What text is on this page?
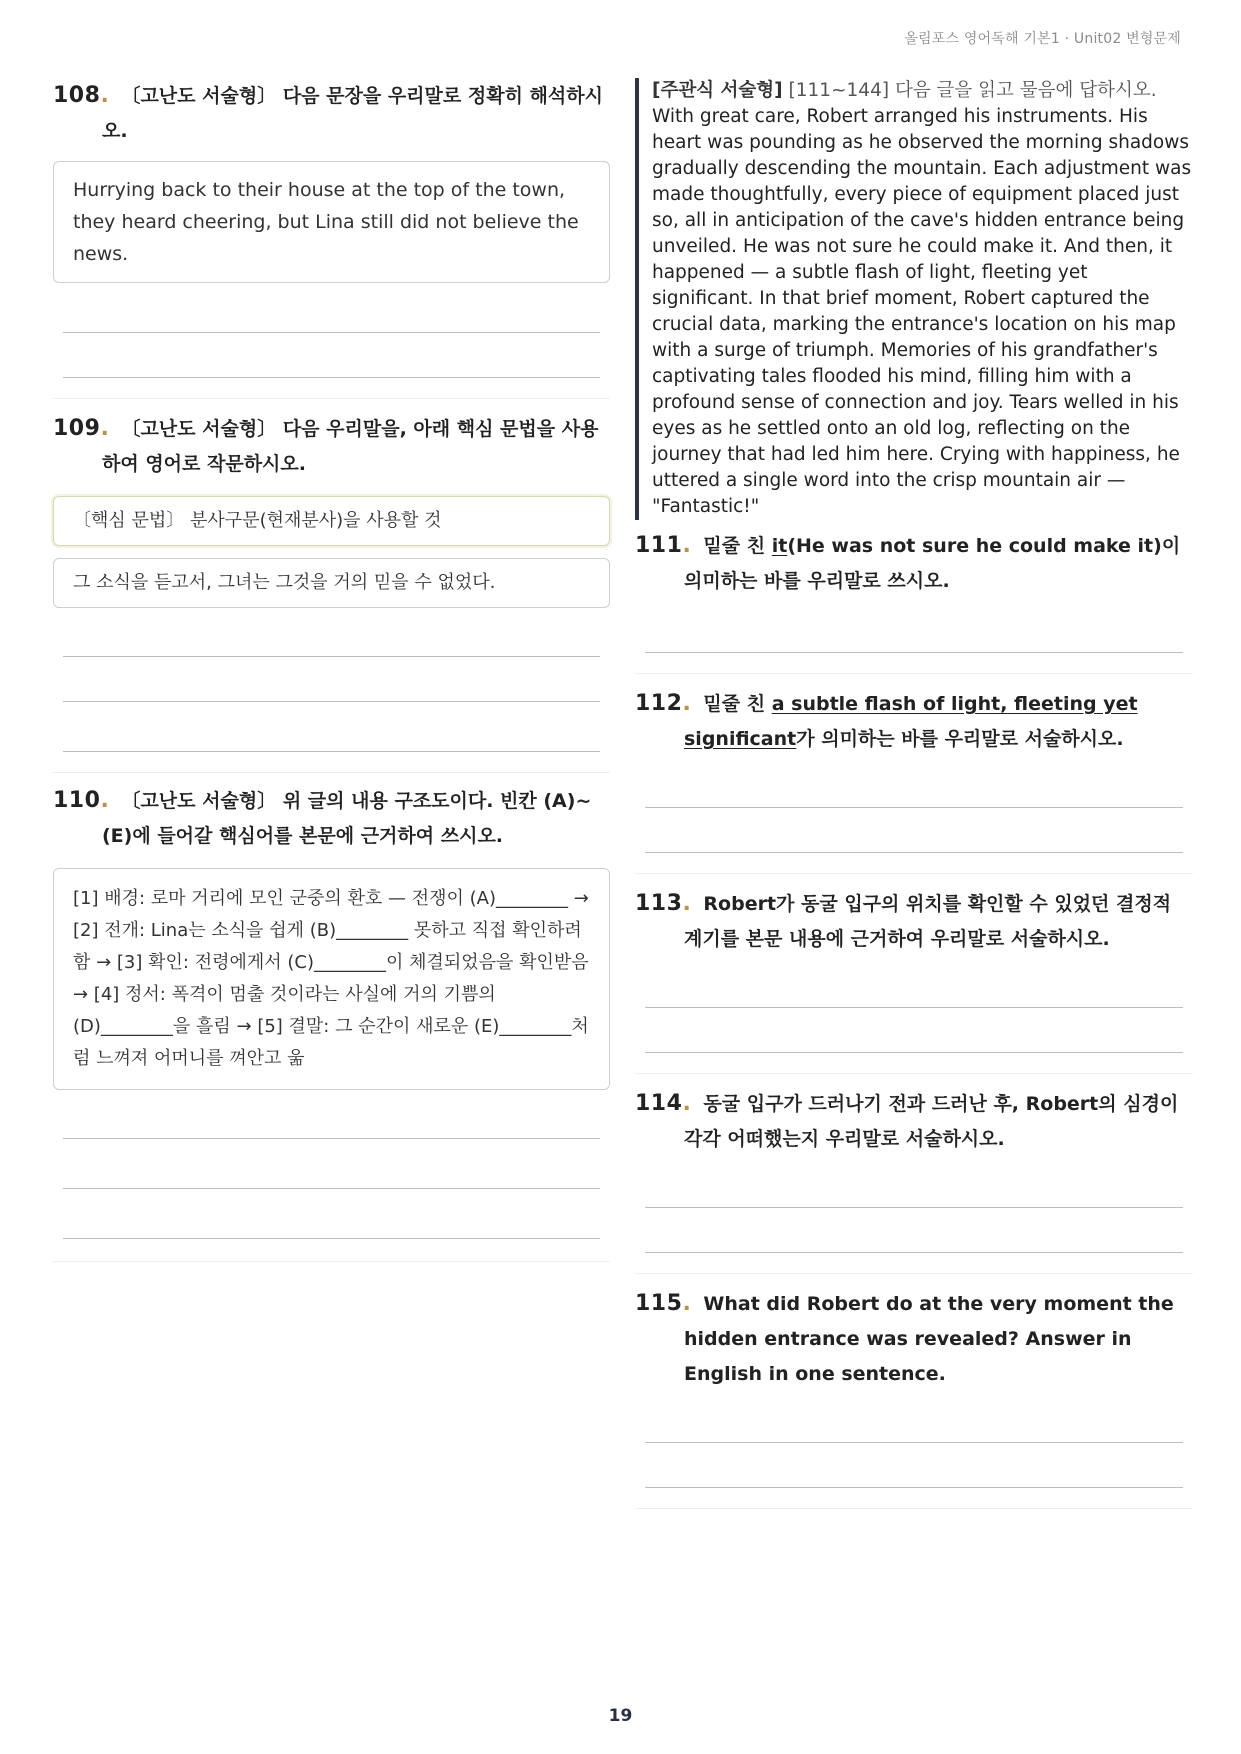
올림포스 영어독해 기본1 · Unit02 변형문제
108. 〔 고난도 서술형 〕 다음 문장을 우리말로 정확히 해석하시오.
Hurrying back to their house at the top of the town, they heard cheering, but Lina still did not believe the news.
109. 〔 고난도 서술형 〕 다음 우리말을, 아래 핵심 문법을 사용하여 영어로 작문하시오.
〔핵심 문법〕 분사구문(현재분사)을 사용할 것
그 소식을 듣고서, 그녀는 그것을 거의 믿을 수 없었다.
110. 〔 고난도 서술형 〕 위 글의 내용 구조도이다. 빈칸 (A)~(E)에 들어갈 핵심어를 본문에 근거하여 쓰시오.
[1] 배경: 로마 거리에 모인 군중의 환호 — 전쟁이 (A)________ → [2] 전개: Lina는 소식을 쉽게 (B)________ 못하고 직접 확인하려 함 → [3] 확인: 전령에게서 (C)________이 체결되었음을 확인받음 → [4] 정서: 폭격이 멈출 것이라는 사실에 거의 기쁨의 (D)________을 흘림 → [5] 결말: 그 순간이 새로운 (E)________처럼 느껴져 어머니를 껴안고 욺
[ 주관식 서술형 ] [111~144] 다음 글을 읽고 물음에 답하시오.
With great care, Robert arranged his instruments. His heart was pounding as he observed the morning shadows gradually descending the mountain. Each adjustment was made thoughtfully, every piece of equipment placed just so, all in anticipation of the cave's hidden entrance being unveiled. He was not sure he could make it. And then, it happened — a subtle flash of light, fleeting yet significant. In that brief moment, Robert captured the crucial data, marking the entrance's location on his map with a surge of triumph. Memories of his grandfather's captivating tales flooded his mind, filling him with a profound sense of connection and joy. Tears welled in his eyes as he settled onto an old log, reflecting on the journey that had led him here. Crying with happiness, he uttered a single word into the crisp mountain air — "Fantastic!"
111. 밑줄 친 it(He was not sure he could make it)이 의미하는 바를 우리말로 쓰시오.
112. 밑줄 친 a subtle flash of light, fleeting yet significant가 의미하는 바를 우리말로 서술하시오.
113. Robert가 동굴 입구의 위치를 확인할 수 있었던 결정적 계기를 본문 내용에 근거하여 우리말로 서술하시오.
114. 동굴 입구가 드러나기 전과 드러난 후, Robert의 심경이 각각 어떠했는지 우리말로 서술하시오.
115. What did Robert do at the very moment the hidden entrance was revealed? Answer in English in one sentence.
19
